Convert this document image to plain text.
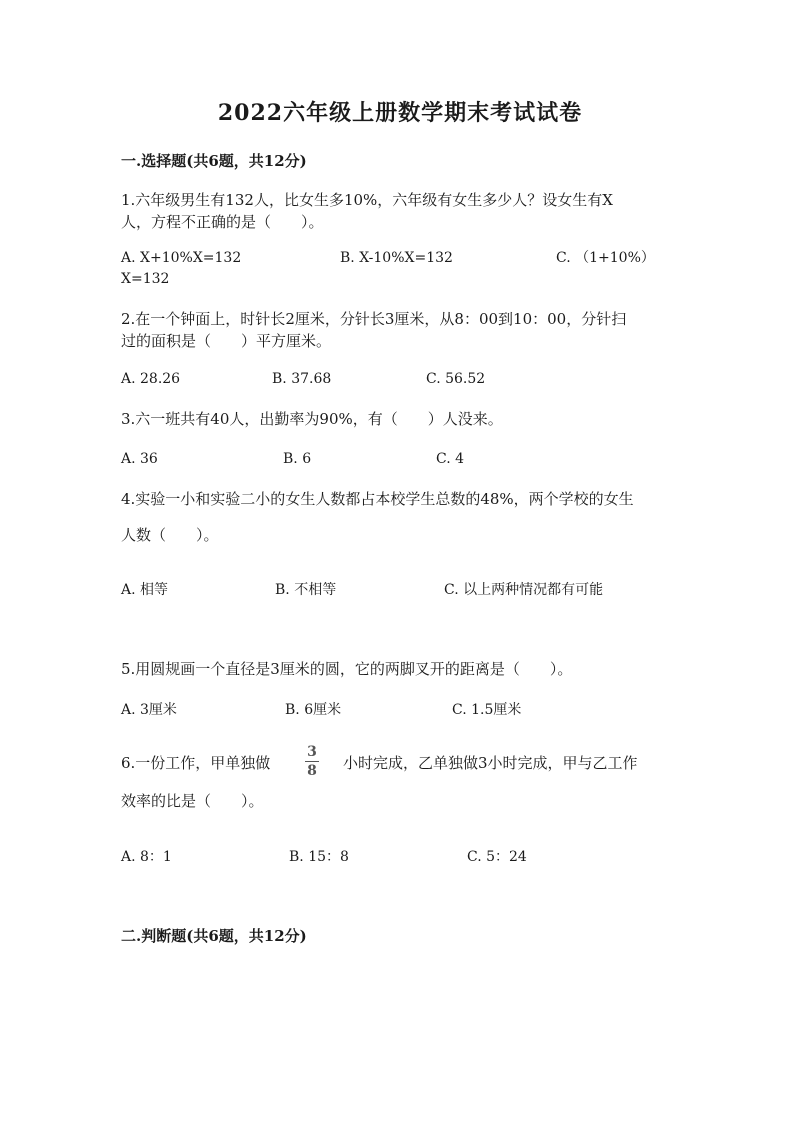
2022六年级上册数学期末考试试卷
一.选择题(共6题，共12分)
1.六年级男生有132人，比女生多10%，六年级有女生多少人？设女生有X
人，方程不正确的是（　　）。
A. X+10%X=132	B. X-10%X=132	C. （1+10%）
X=132
2.在一个钟面上，时针长2厘米，分针长3厘米，从8：00到10：00，分针扫
过的面积是（　　）平方厘米。
A. 28.26	B. 37.68	C. 56.52
3.六一班共有40人，出勤率为90%，有（　　）人没来。
A. 36	B. 6	C. 4
4.实验一小和实验二小的女生人数都占本校学生总数的48%，两个学校的女生
人数（　　）。
A. 相等	B. 不相等	C. 以上两种情况都有可能
5.用圆规画一个直径是3厘米的圆，它的两脚叉开的距离是（　　）。
A. 3厘米	B. 6厘米	C. 1.5厘米
6.一份工作，甲单独做
3
8	小时完成，乙单独做3小时完成，甲与乙工作
效率的比是（　　）。
A. 8：1	B. 15：8	C. 5：24
二.判断题(共6题，共12分)
